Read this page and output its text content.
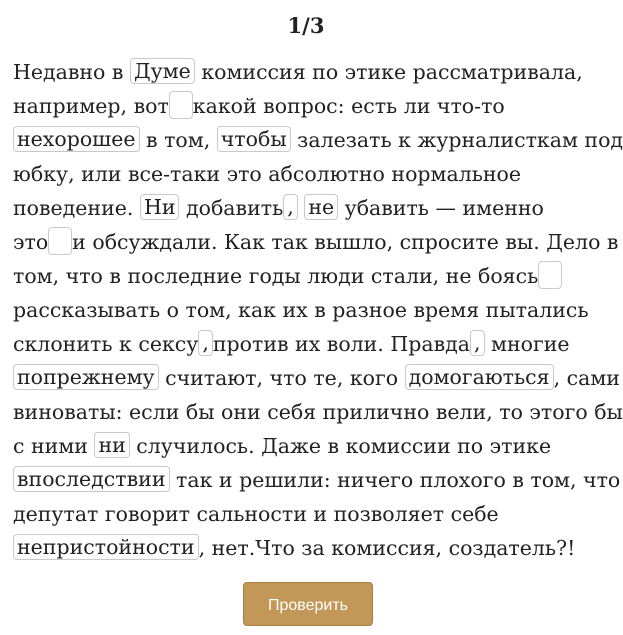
1/3
Недавно в Думе комиссия по этике рассматривала,
например, вот какой вопрос: есть ли что-то
нехорошее в том, чтобы залезать к журналисткам под
юбку, или все-таки это абсолютно нормальное
поведение. Ни добавить , не убавить — именно
это и обсуждали. Как так вышло, спросите вы. Дело в
том, что в последние годы люди стали, не боясь
рассказывать о том, как их в разное время пытались
склонить к сексу , против их воли. Правда , многие
попрежнему считают, что те, кого домогаються , сами
виноваты: если бы они себя прилично вели, то этого бы
с ними ни случилось. Даже в комиссии по этике
впоследствии так и решили: ничего плохого в том, что
депутат говорит сальности и позволяет себе
непристойности , нет.Что за комиссия, создатель?!
Проверить
